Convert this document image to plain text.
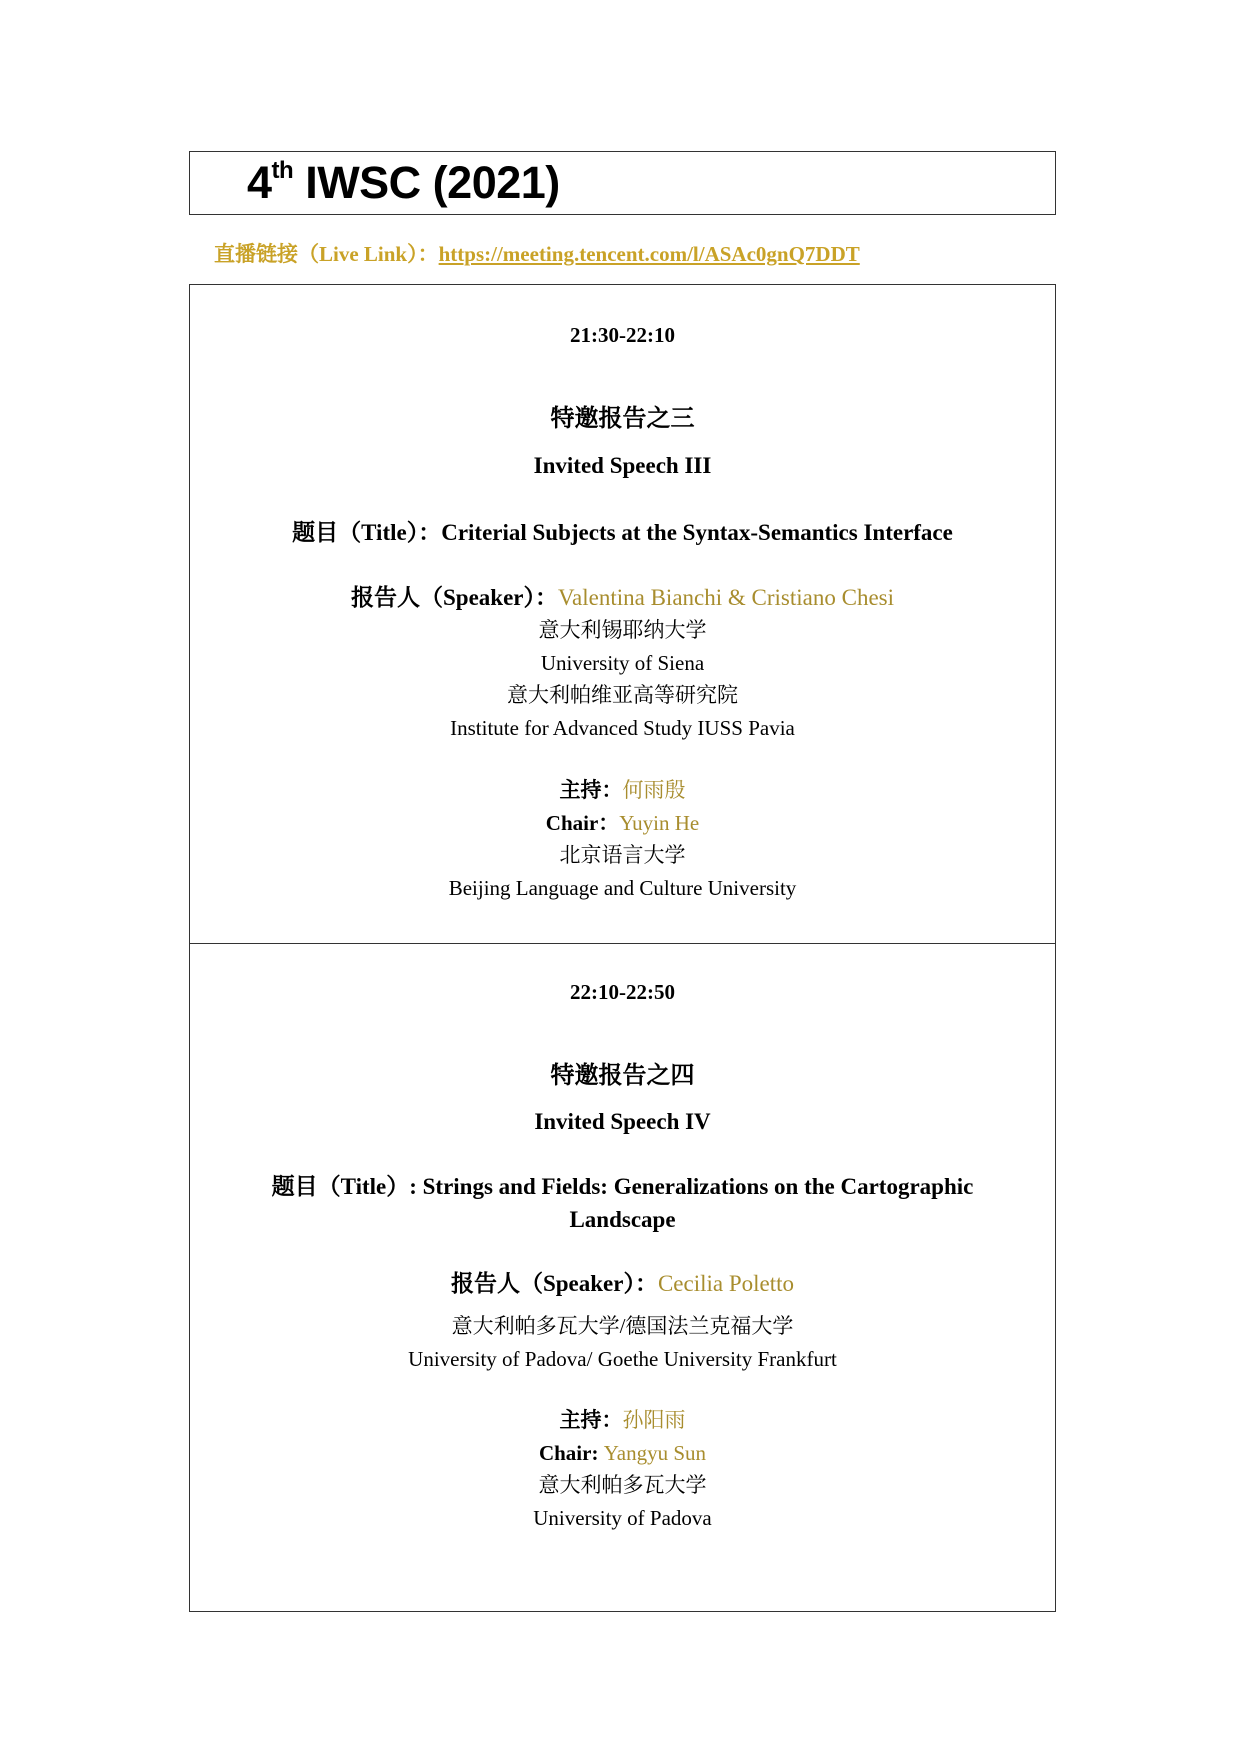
4th IWSC (2021)
直播链接（Live Link）：https://meeting.tencent.com/l/ASAc0gnQ7DDT
21:30-22:10
特邀报告之三
Invited Speech III
题目（Title）：Criterial Subjects at the Syntax-Semantics Interface
报告人（Speaker）：Valentina Bianchi & Cristiano Chesi
意大利锡耶纳大学
University of Siena
意大利帕维亚高等研究院
Institute for Advanced Study IUSS Pavia
主持：何雨殷
Chair：Yuyin He
北京语言大学
Beijing Language and Culture University
22:10-22:50
特邀报告之四
Invited Speech IV
题目（Title）: Strings and Fields: Generalizations on the Cartographic
Landscape
报告人（Speaker）：Cecilia Poletto
意大利帕多瓦大学/德国法兰克福大学
University of Padova/ Goethe University Frankfurt
主持：孙阳雨
Chair: Yangyu Sun
意大利帕多瓦大学
University of Padova
